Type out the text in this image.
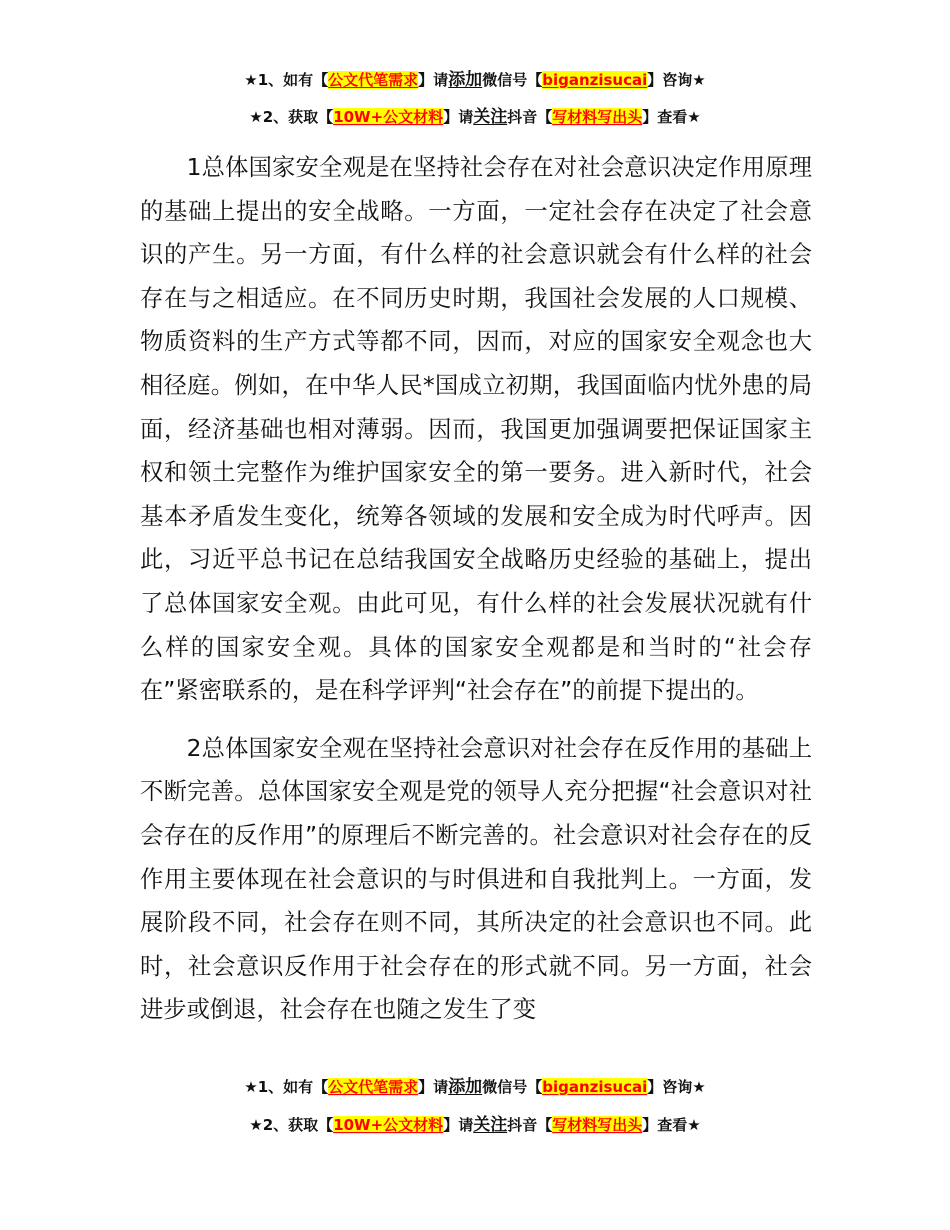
★1、如有【公文代笔需求】请添加微信号【biganzisucai】咨询★
★2、获取【10W+公文材料】请关注抖音【写材料写出头】查看★

1总体国家安全观是在坚持社会存在对社会意识决定作用原理的基础上提出的安全战略。一方面，一定社会存在决定了社会意识的产生。另一方面，有什么样的社会意识就会有什么样的社会存在与之相适应。在不同历史时期，我国社会发展的人口规模、物质资料的生产方式等都不同，因而，对应的国家安全观念也大相径庭。例如，在中华人民*国成立初期，我国面临内忧外患的局面，经济基础也相对薄弱。因而，我国更加强调要把保证国家主权和领土完整作为维护国家安全的第一要务。进入新时代，社会基本矛盾发生变化，统筹各领域的发展和安全成为时代呼声。因此，习近平总书记在总结我国安全战略历史经验的基础上，提出了总体国家安全观。由此可见，有什么样的社会发展状况就有什么样的国家安全观。具体的国家安全观都是和当时的“社会存在”紧密联系的，是在科学评判“社会存在”的前提下提出的。

2总体国家安全观在坚持社会意识对社会存在反作用的基础上不断完善。总体国家安全观是党的领导人充分把握“社会意识对社会存在的反作用”的原理后不断完善的。社会意识对社会存在的反作用主要体现在社会意识的与时俱进和自我批判上。一方面，发展阶段不同，社会存在则不同，其所决定的社会意识也不同。此时，社会意识反作用于社会存在的形式就不同。另一方面，社会进步或倒退，社会存在也随之发生了变

★1、如有【公文代笔需求】请添加微信号【biganzisucai】咨询★
★2、获取【10W+公文材料】请关注抖音【写材料写出头】查看★
